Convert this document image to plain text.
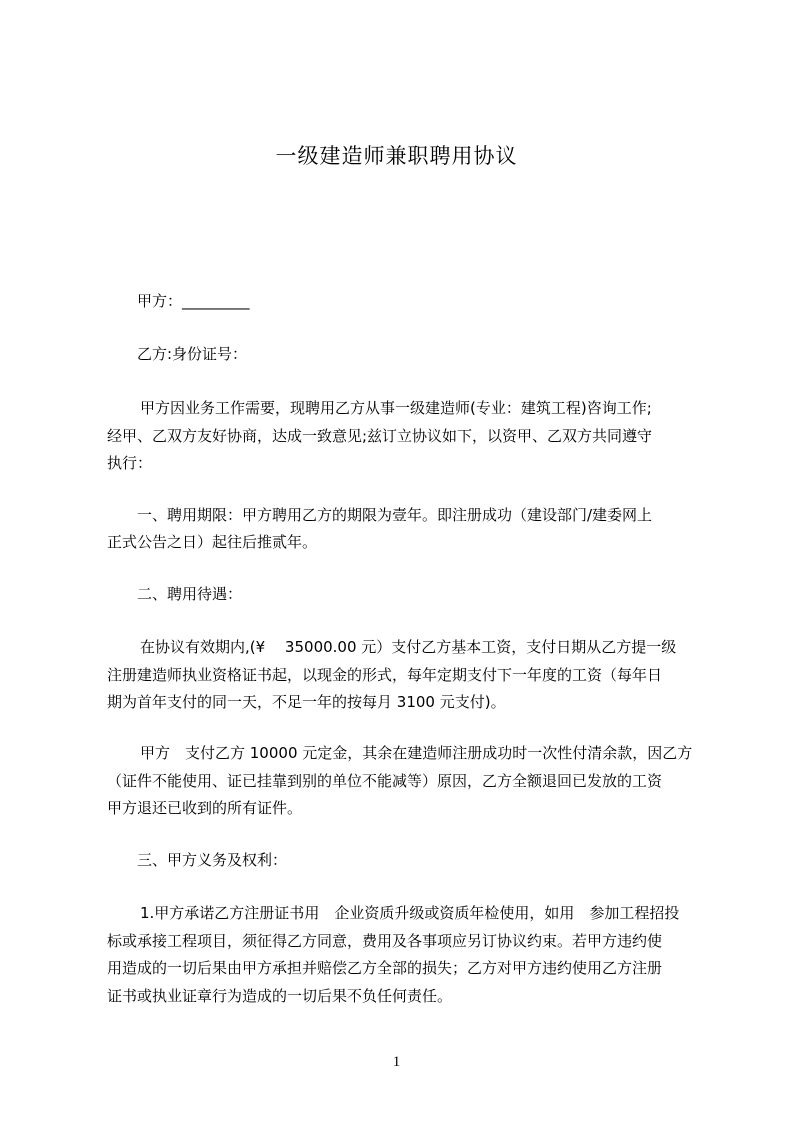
一级建造师兼职聘用协议
甲方：_________
乙方:身份证号：
甲方因业务工作需要，现聘用乙方从事一级建造师(专业：建筑工程)咨询工作;
经甲、乙双方友好协商，达成一致意见;兹订立协议如下，以资甲、乙双方共同遵守
执行：
一、聘用期限：甲方聘用乙方的期限为壹年。即注册成功（建设部门/建委网上
正式公告之日）起往后推贰年。
二、聘用待遇：
在协议有效期内,(¥　 35000.00 元）支付乙方基本工资，支付日期从乙方提一级
注册建造师执业资格证书起，以现金的形式，每年定期支付下一年度的工资（每年日
期为首年支付的同一天，不足一年的按每月 3100 元支付)。
甲方　支付乙方 10000 元定金，其余在建造师注册成功时一次性付清余款，因乙方
（证件不能使用、证已挂靠到别的单位不能减等）原因，乙方全额退回已发放的工资
甲方退还已收到的所有证件。
三、甲方义务及权利：
1.甲方承诺乙方注册证书用　企业资质升级或资质年检使用，如用　参加工程招投
标或承接工程项目，须征得乙方同意，费用及各事项应另订协议约束。若甲方违约使
用造成的一切后果由甲方承担并赔偿乙方全部的损失；乙方对甲方违约使用乙方注册
证书或执业证章行为造成的一切后果不负任何责任。
1
